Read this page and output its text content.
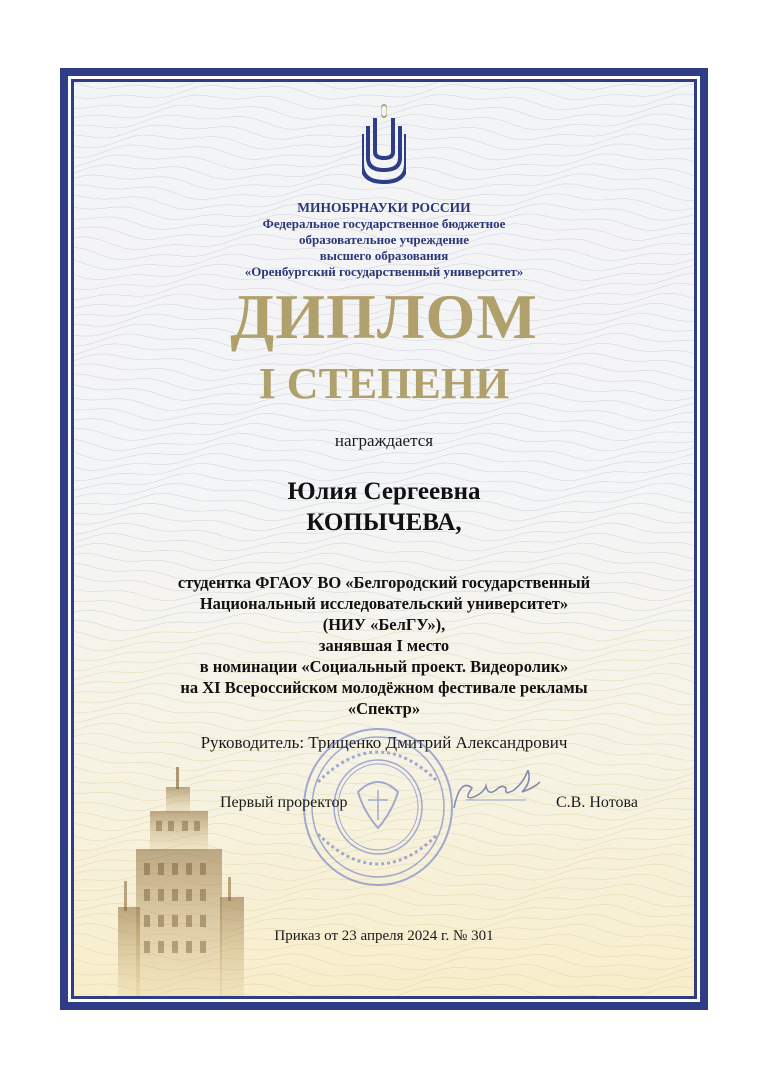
МИНОБРНАУКИ РОССИИ
Федеральное государственное бюджетное
образовательное учреждение
высшего образования
«Оренбургский государственный университет»
ДИПЛОМ
I СТЕПЕНИ
награждается
Юлия Сергеевна
КОПЫЧЕВА,
студентка ФГАОУ ВО «Белгородский государственный
Национальный исследовательский университет»
(НИУ «БелГУ»),
занявшая I место
в номинации «Социальный проект. Видеоролик»
на XI Всероссийском молодёжном фестивале рекламы
«Спектр»
Руководитель: Трищенко Дмитрий Александрович
Первый проректор	С.В. Нотова
Приказ от 23 апреля 2024 г. № 301
